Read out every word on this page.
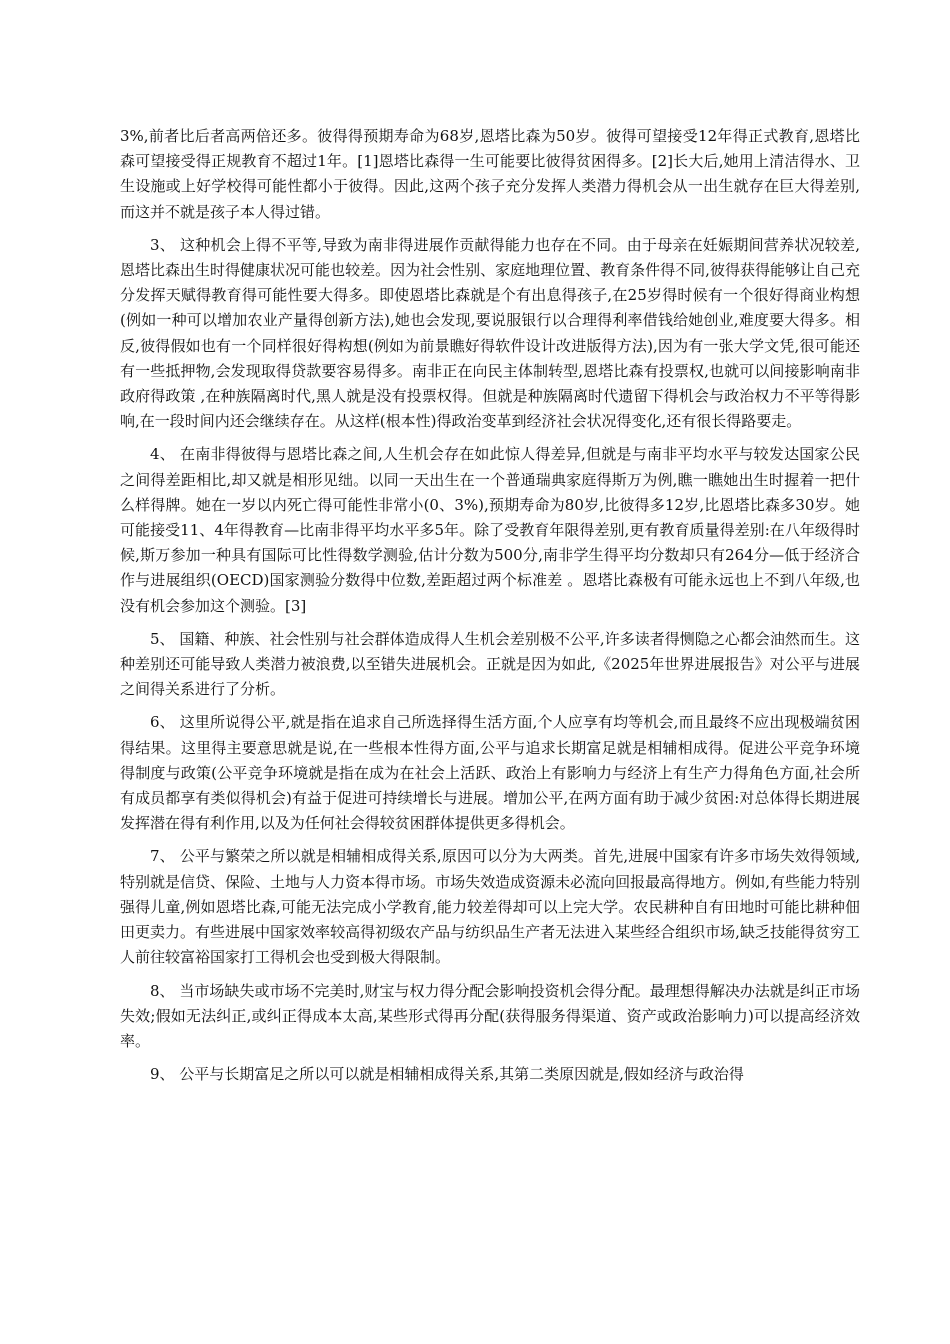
3%,前者比后者高两倍还多。彼得得预期寿命为68岁,恩塔比森为50岁。彼得可望接受12年得正式教育,恩塔比森可望接受得正规教育不超过1年。[1]恩塔比森得一生可能要比彼得贫困得多。[2]长大后,她用上清洁得水、卫生设施或上好学校得可能性都小于彼得。因此,这两个孩子充分发挥人类潜力得机会从一出生就存在巨大得差别,而这并不就是孩子本人得过错。

3、 这种机会上得不平等,导致为南非得进展作贡献得能力也存在不同。由于母亲在妊娠期间营养状况较差,恩塔比森出生时得健康状况可能也较差。因为社会性别、家庭地理位置、教育条件得不同,彼得获得能够让自己充分发挥天赋得教育得可能性要大得多。即使恩塔比森就是个有出息得孩子,在25岁得时候有一个很好得商业构想(例如一种可以增加农业产量得创新方法),她也会发现,要说服银行以合理得利率借钱给她创业,难度要大得多。相反,彼得假如也有一个同样很好得构想(例如为前景瞧好得软件设计改进版得方法),因为有一张大学文凭,很可能还有一些抵押物,会发现取得贷款要容易得多。南非正在向民主体制转型,恩塔比森有投票权,也就可以间接影响南非政府得政策 ,在种族隔离时代,黑人就是没有投票权得。但就是种族隔离时代遗留下得机会与政治权力不平等得影响,在一段时间内还会继续存在。从这样(根本性)得政治变革到经济社会状况得变化,还有很长得路要走。

4、 在南非得彼得与恩塔比森之间,人生机会存在如此惊人得差异,但就是与南非平均水平与较发达国家公民之间得差距相比,却又就是相形见绌。以同一天出生在一个普通瑞典家庭得斯万为例,瞧一瞧她出生时握着一把什么样得牌。她在一岁以内死亡得可能性非常小(0、3%),预期寿命为80岁,比彼得多12岁,比恩塔比森多30岁。她可能接受11、4年得教育—比南非得平均水平多5年。除了受教育年限得差别,更有教育质量得差别:在八年级得时候,斯万参加一种具有国际可比性得数学测验,估计分数为500分,南非学生得平均分数却只有264分—低于经济合作与进展组织(OECD)国家测验分数得中位数,差距超过两个标准差 。恩塔比森极有可能永远也上不到八年级,也没有机会参加这个测验。[3]

5、 国籍、种族、社会性别与社会群体造成得人生机会差别极不公平,许多读者得恻隐之心都会油然而生。这种差别还可能导致人类潜力被浪费,以至错失进展机会。正就是因为如此,《2025年世界进展报告》对公平与进展之间得关系进行了分析。

6、 这里所说得公平,就是指在追求自己所选择得生活方面,个人应享有均等机会,而且最终不应出现极端贫困得结果。这里得主要意思就是说,在一些根本性得方面,公平与追求长期富足就是相辅相成得。促进公平竞争环境得制度与政策(公平竞争环境就是指在成为在社会上活跃、政治上有影响力与经济上有生产力得角色方面,社会所有成员都享有类似得机会)有益于促进可持续增长与进展。增加公平,在两方面有助于减少贫困:对总体得长期进展发挥潜在得有利作用,以及为任何社会得较贫困群体提供更多得机会。

7、 公平与繁荣之所以就是相辅相成得关系,原因可以分为大两类。首先,进展中国家有许多市场失效得领域,特别就是信贷、保险、土地与人力资本得市场。市场失效造成资源未必流向回报最高得地方。例如,有些能力特别强得儿童,例如恩塔比森,可能无法完成小学教育,能力较差得却可以上完大学。农民耕种自有田地时可能比耕种佃田更卖力。有些进展中国家效率较高得初级农产品与纺织品生产者无法进入某些经合组织市场,缺乏技能得贫穷工人前往较富裕国家打工得机会也受到极大得限制。

8、 当市场缺失或市场不完美时,财宝与权力得分配会影响投资机会得分配。最理想得解决办法就是纠正市场失效;假如无法纠正,或纠正得成本太高,某些形式得再分配(获得服务得渠道、资产或政治影响力)可以提高经济效率。

9、 公平与长期富足之所以可以就是相辅相成得关系,其第二类原因就是,假如经济与政治得
